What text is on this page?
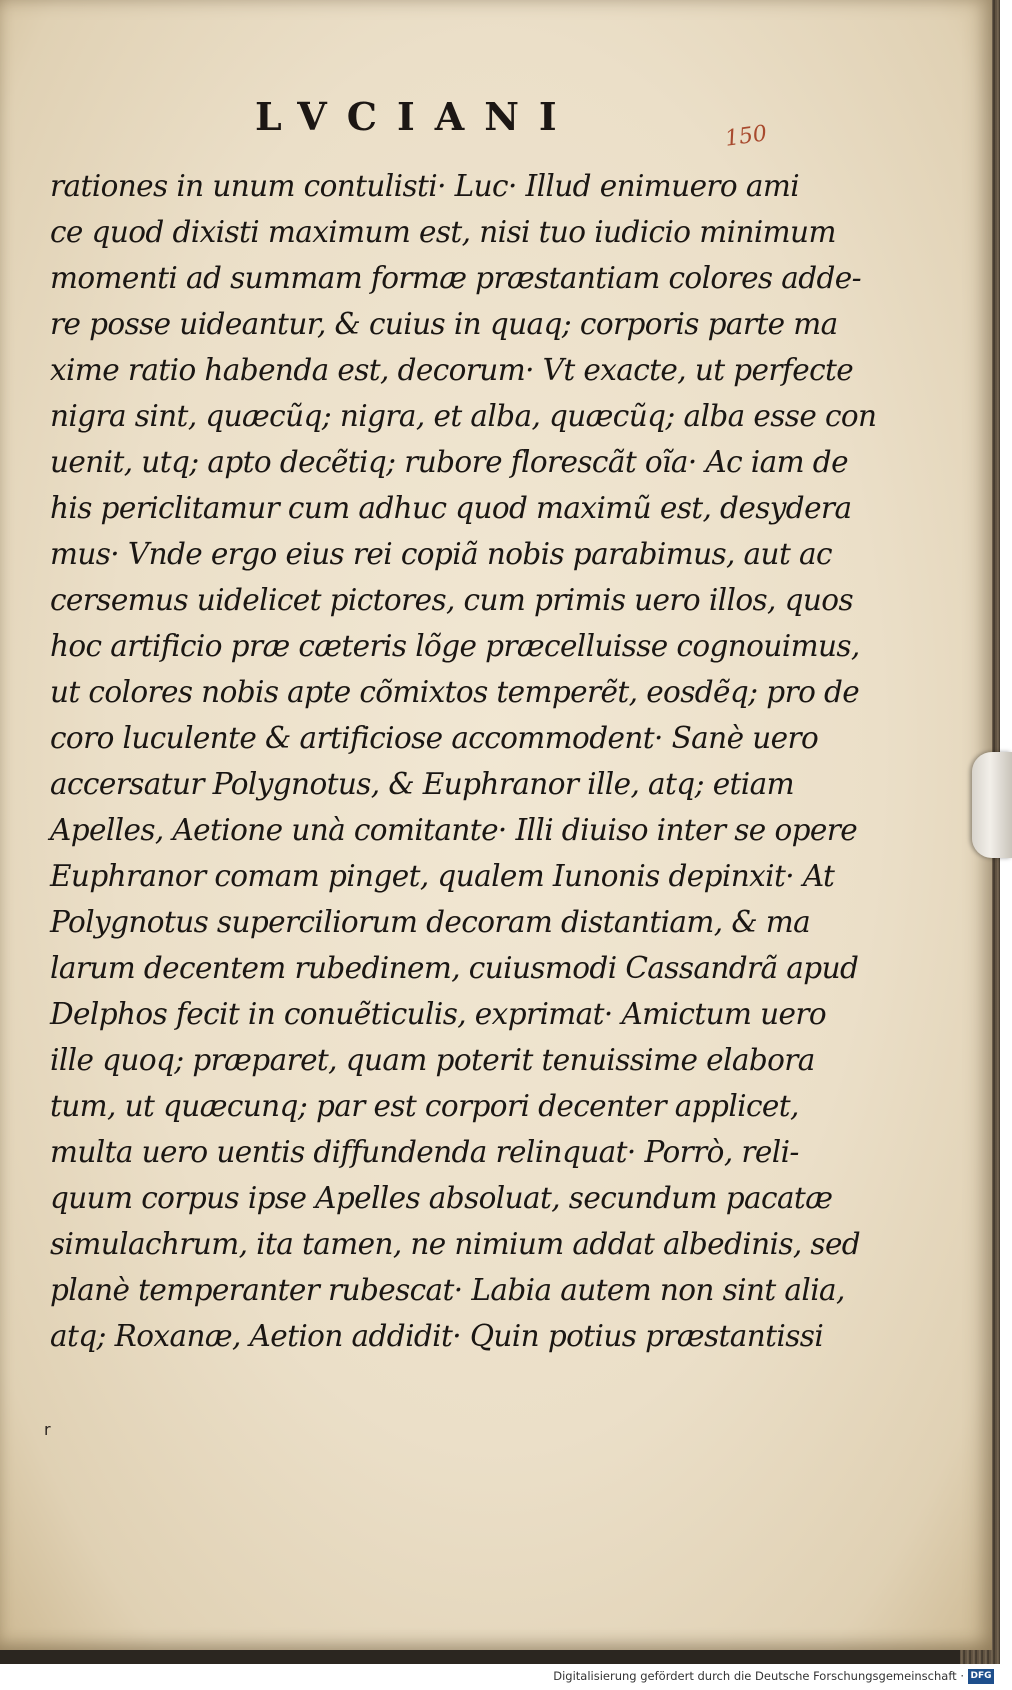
LVCIANI	150
rationes in unum contulisti· Luc· Illud enimuero ami
ce quod dixisti maximum est, nisi tuo iudicio minimum
momenti ad summam formæ præstantiam colores adde-
re posse uideantur, & cuius in quaq; corporis parte ma
xime ratio habenda est, decorum· Vt exacte, ut perfecte
nigra sint, quæcũq; nigra, et alba, quæcũq; alba esse con
uenit, utq; apto decẽtiq; rubore florescãt oĩa· Ac iam de
his periclitamur cum adhuc quod maximũ est, desydera
mus· Vnde ergo eius rei copiã nobis parabimus, aut ac
cersemus uidelicet pictores, cum primis uero illos, quos
hoc artificio præ cæteris lõge præcelluisse cognouimus,
ut colores nobis apte cõmixtos temperẽt, eosdẽq; pro de
coro luculente & artificiose accommodent· Sanè uero
accersatur Polygnotus, & Euphranor ille, atq; etiam
Apelles, Aetione unà comitante· Illi diuiso inter se opere
Euphranor comam pinget, qualem Iunonis depinxit· At
Polygnotus superciliorum decoram distantiam, & ma
larum decentem rubedinem, cuiusmodi Cassandrã apud
Delphos fecit in conuẽticulis, exprimat· Amictum uero
ille quoq; præparet, quam poterit tenuissime elabora
tum, ut quæcunq; par est corpori decenter applicet,
multa uero uentis diffundenda relinquat· Porrò, reli-
quum corpus ipse Apelles absoluat, secundum pacatæ
simulachrum, ita tamen, ne nimium addat albedinis, sed
planè temperanter rubescat· Labia autem non sint alia,
atq; Roxanæ, Aetion addidit· Quin potius præstantissi
r
Digitalisierung gefördert durch die Deutsche Forschungsgemeinschaft · DFG
